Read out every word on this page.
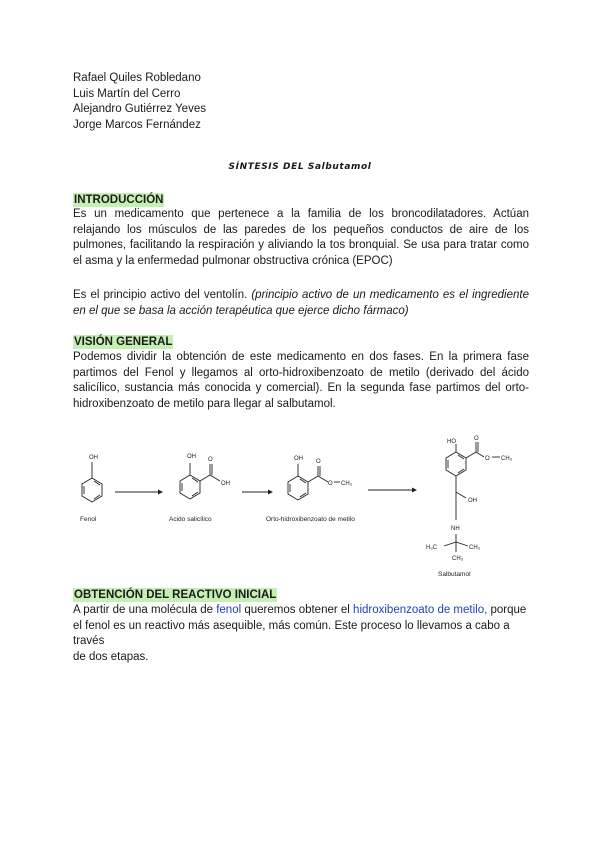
Rafael Quiles Robledano
Luis Martín del Cerro
Alejandro Gutiérrez Yeves
Jorge Marcos Fernández
SÍNTESIS DEL Salbutamol
INTRODUCCIÓN
Es un medicamento que pertenece a la familia de los broncodilatadores. Actúan relajando los músculos de las paredes de los pequeños conductos de aire de los pulmones, facilitando la respiración y aliviando la tos bronquial. Se usa para tratar como el asma y la enfermedad pulmonar obstructiva crónica (EPOC)
Es el principio activo del ventolín. (principio activo de un medicamento es el ingrediente en el que se basa la acción terapéutica que ejerce dicho fármaco)
VISIÓN GENERAL
Podemos dividir la obtención de este medicamento en dos fases. En la primera fase partimos del Fenol y llegamos al orto-hidroxibenzoato de metilo (derivado del ácido salicílico, sustancia más conocida y comercial). En la segunda fase partimos del orto-hidroxibenzoato de metilo para llegar al salbutamol.
OH
Fenol
OH O
OH
Acido salicílico
OH O
O CH₃
Orto-hidroxibenzoato de metilo
HO	O
O CH₃
OH
NH
H₃C	CH₃
CH₃
Salbutamol
OBTENCIÓN DEL REACTIVO INICIAL
A partir de una molécula de fenol queremos obtener el hidroxibenzoato de metilo, porque el fenol es un reactivo más asequible, más común. Este proceso lo llevamos a cabo a través
de dos etapas.
